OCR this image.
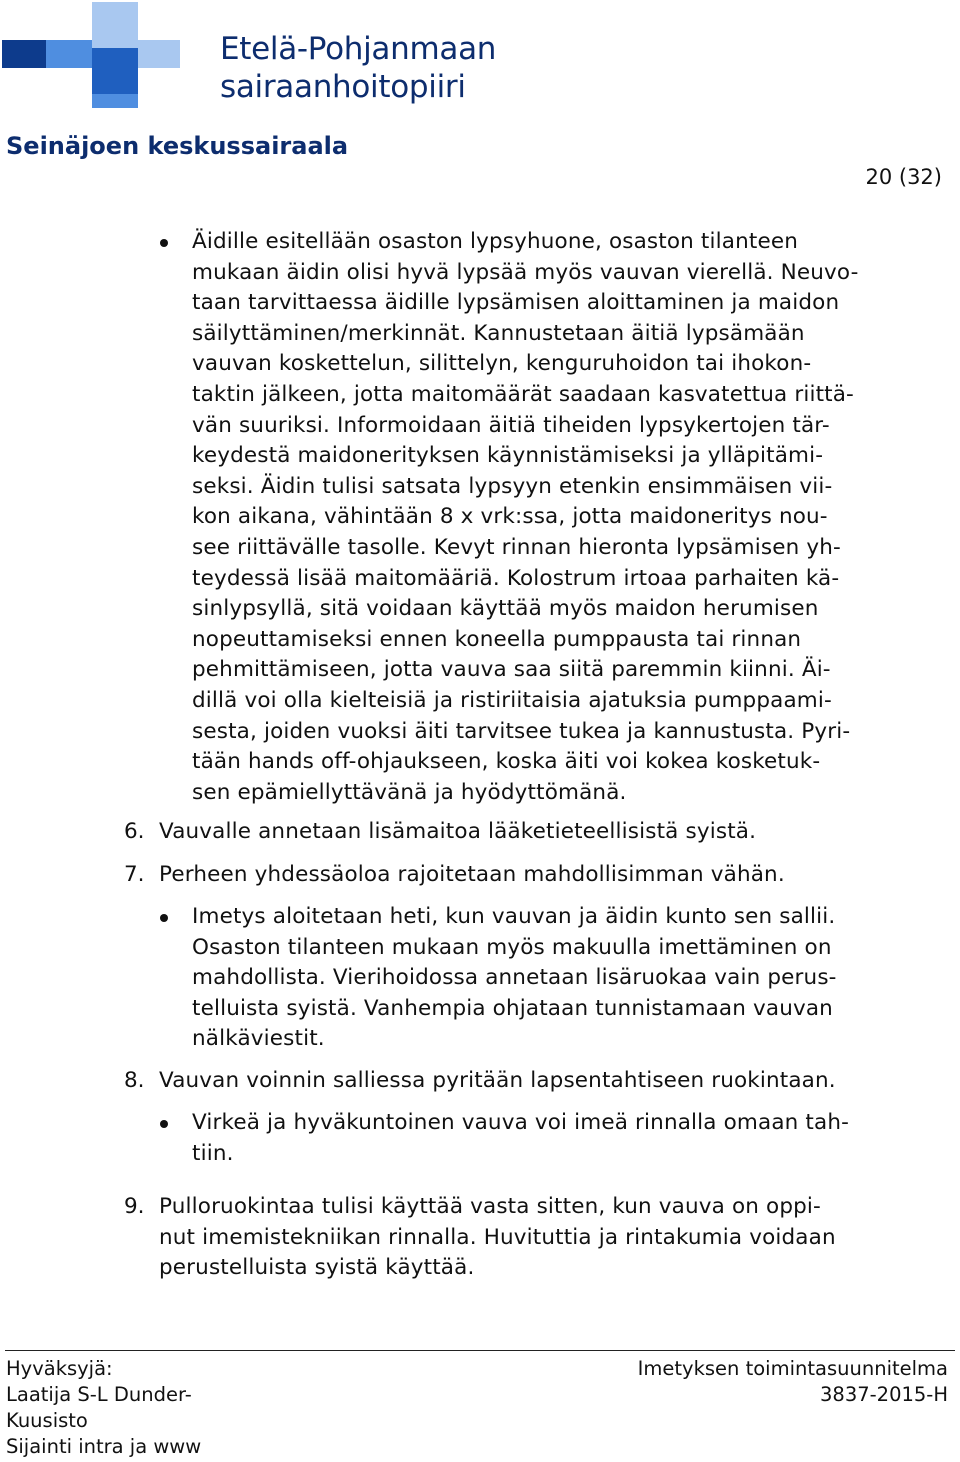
Etelä-Pohjanmaan
sairaanhoitopiiri
Seinäjoen keskussairaala
20 (32)
Äidille esitellään osaston lypsyhuone, osaston tilanteen
mukaan äidin olisi hyvä lypsää myös vauvan vierellä. Neuvo-
taan tarvittaessa äidille lypsämisen aloittaminen ja maidon
säilyttäminen/merkinnät. Kannustetaan äitiä lypsämään
vauvan koskettelun, silittelyn, kenguruhoidon tai ihokon-
taktin jälkeen, jotta maitomäärät saadaan kasvatettua riittä-
vän suuriksi. Informoidaan äitiä tiheiden lypsykertojen tär-
keydestä maidonerityksen käynnistämiseksi ja ylläpitämi-
seksi. Äidin tulisi satsata lypsyyn etenkin ensimmäisen vii-
kon aikana, vähintään 8 x vrk:ssa, jotta maidoneritys nou-
see riittävälle tasolle. Kevyt rinnan hieronta lypsämisen yh-
teydessä lisää maitomääriä. Kolostrum irtoaa parhaiten kä-
sinlypsyllä, sitä voidaan käyttää myös maidon herumisen
nopeuttamiseksi ennen koneella pumppausta tai rinnan
pehmittämiseen, jotta vauva saa siitä paremmin kiinni. Äi-
dillä voi olla kielteisiä ja ristiriitaisia ajatuksia pumppaami-
sesta, joiden vuoksi äiti tarvitsee tukea ja kannustusta. Pyri-
tään hands off-ohjaukseen, koska äiti voi kokea kosketuk-
sen epämiellyttävänä ja hyödyttömänä.
6. Vauvalle annetaan lisämaitoa lääketieteellisistä syistä.
7. Perheen yhdessäoloa rajoitetaan mahdollisimman vähän.
Imetys aloitetaan heti, kun vauvan ja äidin kunto sen sallii.
Osaston tilanteen mukaan myös makuulla imettäminen on
mahdollista. Vierihoidossa annetaan lisäruokaa vain perus-
telluista syistä. Vanhempia ohjataan tunnistamaan vauvan
nälkäviestit.
8. Vauvan voinnin salliessa pyritään lapsentahtiseen ruokintaan.
Virkeä ja hyväkuntoinen vauva voi imeä rinnalla omaan tah-
tiin.
9. Pulloruokintaa tulisi käyttää vasta sitten, kun vauva on oppi-
nut imemistekniikan rinnalla. Huvituttia ja rintakumia voidaan
perustelluista syistä käyttää.
Hyväksyjä:
Laatija S-L Dunder-
Kuusisto
Sijainti intra ja www
Imetyksen toimintasuunnitelma
3837-2015-H
